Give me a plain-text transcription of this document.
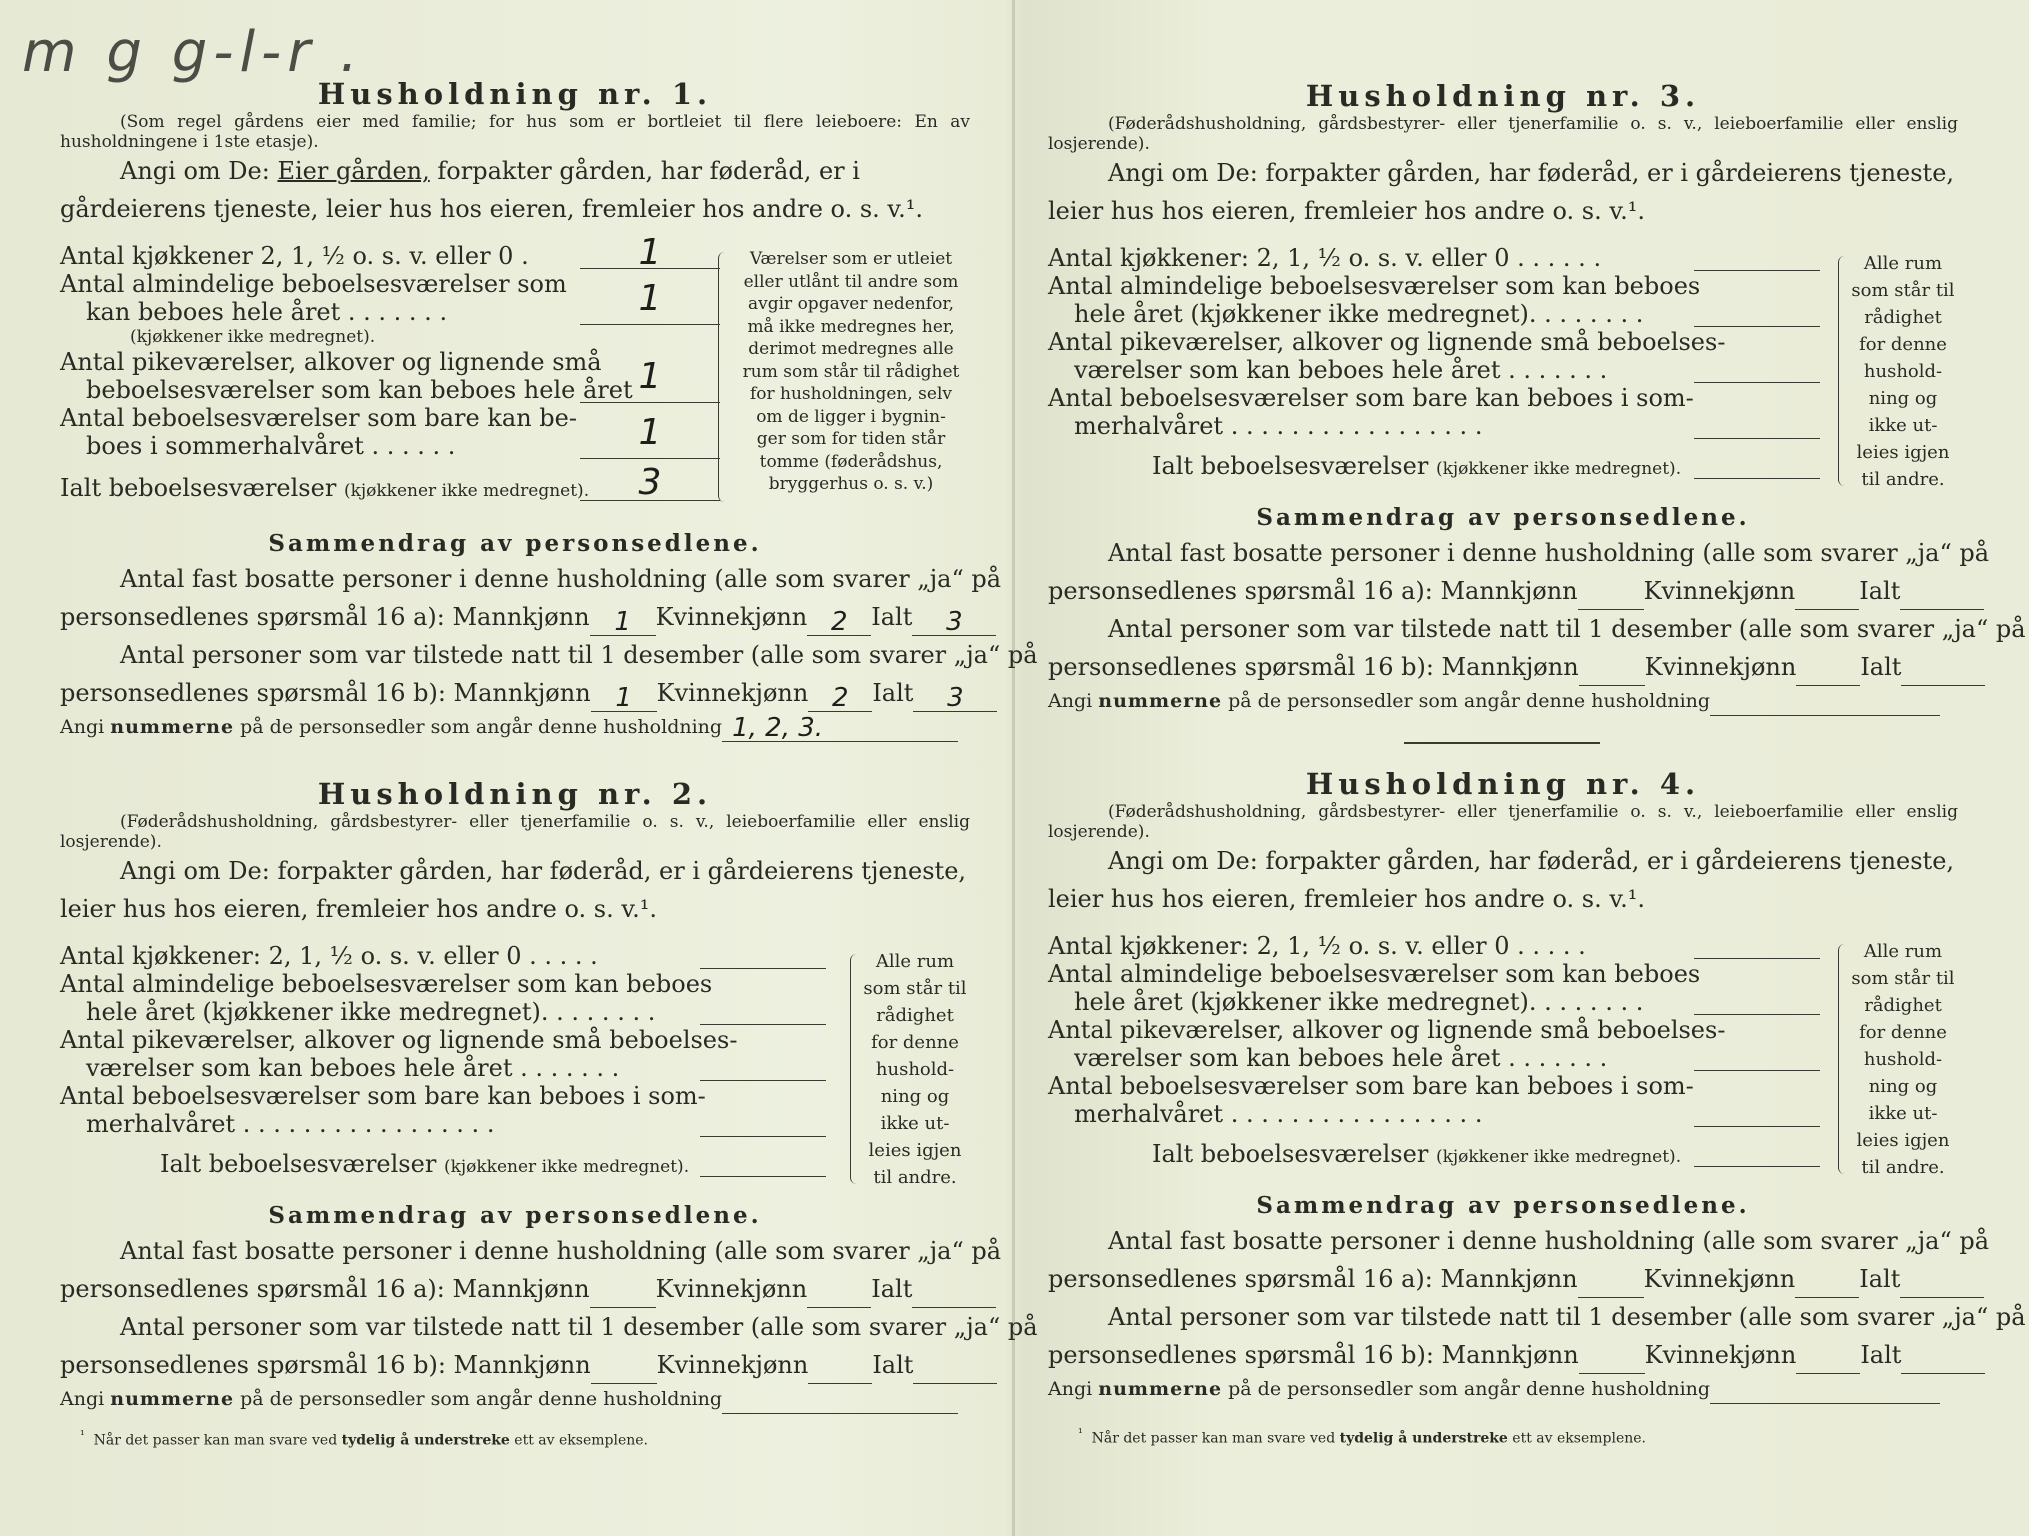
m g g-l-r .
Husholdning nr. 1.
(Som regel gårdens eier med familie; for hus som er bortleiet til flere leieboere: En av husholdningene i 1ste etasje).
Angi om De: Eier gården, forpakter gården, har føderåd, er i gårdeierens tjeneste, leier hus hos eieren, fremleier hos andre o. s. v.¹.
Antal kjøkkener 2, 1, ½ o. s. v. eller 0 .	1
Antal almindelige beboelsesværelser som
kan beboes hele året . . . . . . .	1
(kjøkkener ikke medregnet).
Antal pikeværelser, alkover og lignende små
beboelsesværelser som kan beboes hele året 1
Antal beboelsesværelser som bare kan be-
boes i sommerhalvåret . . . . . .	1
Ialt beboelsesværelser (kjøkkener ikke medregnet).	3
Værelser som er utleiet
eller utlånt til andre som
avgir opgaver nedenfor,
må ikke medregnes her,
derimot medregnes alle
rum som står til rådighet
for husholdningen, selv
om de ligger i bygnin-
ger som for tiden står
tomme (føderådshus,
bryggerhus o. s. v.)
Sammendrag av personsedlene.
Antal fast bosatte personer i denne husholdning (alle som svarer „ja“ på
personsedlenes spørsmål 16 a): Mannkjønn 1	Kvinnekjønn 2 Ialt	3
Antal personer som var tilstede natt til 1 desember (alle som svarer „ja“ på
personsedlenes spørsmål 16 b): Mannkjønn 1	Kvinnekjønn 2 Ialt	3
Angi nummerne på de personsedler som angår denne husholdning 1, 2, 3.
Husholdning nr. 2.
(Føderådshusholdning, gårdsbestyrer- eller tjenerfamilie o. s. v., leieboerfamilie eller enslig losjerende).
Angi om De: forpakter gården, har føderåd, er i gårdeierens tjeneste, leier hus hos eieren, fremleier hos andre o. s. v.¹.
Antal kjøkkener: 2, 1, ½ o. s. v. eller 0 . . . . .
Antal almindelige beboelsesværelser som kan beboes
hele året (kjøkkener ikke medregnet). . . . . . . .
Antal pikeværelser, alkover og lignende små beboelses-
værelser som kan beboes hele året . . . . . . .
Antal beboelsesværelser som bare kan beboes i som-
merhalvåret . . . . . . . . . . . . . . . . .
Ialt beboelsesværelser (kjøkkener ikke medregnet).
Alle rum
som står til
rådighet
for denne
hushold-
ning og
ikke ut-
leies igjen
til andre.
Sammendrag av personsedlene.
Antal fast bosatte personer i denne husholdning (alle som svarer „ja“ på
personsedlenes spørsmål 16 a): Mannkjønn	Kvinnekjønn	Ialt
Antal personer som var tilstede natt til 1 desember (alle som svarer „ja“ på
personsedlenes spørsmål 16 b): Mannkjønn	Kvinnekjønn	Ialt
Angi nummerne på de personsedler som angår denne husholdning
$^{^1}$ Når det passer kan man svare ved tydelig å understreke ett av eksemplene.
Husholdning nr. 3.
(Føderådshusholdning, gårdsbestyrer- eller tjenerfamilie o. s. v., leieboerfamilie eller enslig losjerende).
Angi om De: forpakter gården, har føderåd, er i gårdeierens tjeneste, leier hus hos eieren, fremleier hos andre o. s. v.¹.
Antal kjøkkener: 2, 1, ½ o. s. v. eller 0 . . . . . .
Antal almindelige beboelsesværelser som kan beboes
hele året (kjøkkener ikke medregnet). . . . . . . .
Antal pikeværelser, alkover og lignende små beboelses-
værelser som kan beboes hele året . . . . . . .
Antal beboelsesværelser som bare kan beboes i som-
merhalvåret . . . . . . . . . . . . . . . . .
Ialt beboelsesværelser (kjøkkener ikke medregnet).
Alle rum
som står til
rådighet
for denne
hushold-
ning og
ikke ut-
leies igjen
til andre.
Sammendrag av personsedlene.
Antal fast bosatte personer i denne husholdning (alle som svarer „ja“ på
personsedlenes spørsmål 16 a): Mannkjønn	Kvinnekjønn	Ialt
Antal personer som var tilstede natt til 1 desember (alle som svarer „ja“ på
personsedlenes spørsmål 16 b): Mannkjønn	Kvinnekjønn	Ialt
Angi nummerne på de personsedler som angår denne husholdning
Husholdning nr. 4.
(Føderådshusholdning, gårdsbestyrer- eller tjenerfamilie o. s. v., leieboerfamilie eller enslig losjerende).
Angi om De: forpakter gården, har føderåd, er i gårdeierens tjeneste, leier hus hos eieren, fremleier hos andre o. s. v.¹.
Antal kjøkkener: 2, 1, ½ o. s. v. eller 0 . . . . .
Antal almindelige beboelsesværelser som kan beboes
hele året (kjøkkener ikke medregnet). . . . . . . .
Antal pikeværelser, alkover og lignende små beboelses-
værelser som kan beboes hele året . . . . . . .
Antal beboelsesværelser som bare kan beboes i som-
merhalvåret . . . . . . . . . . . . . . . . .
Ialt beboelsesværelser (kjøkkener ikke medregnet).
Alle rum
som står til
rådighet
for denne
hushold-
ning og
ikke ut-
leies igjen
til andre.
Sammendrag av personsedlene.
Antal fast bosatte personer i denne husholdning (alle som svarer „ja“ på
personsedlenes spørsmål 16 a): Mannkjønn	Kvinnekjønn	Ialt
Antal personer som var tilstede natt til 1 desember (alle som svarer „ja“ på
personsedlenes spørsmål 16 b): Mannkjønn	Kvinnekjønn	Ialt
Angi nummerne på de personsedler som angår denne husholdning
$^{^1}$ Når det passer kan man svare ved tydelig å understreke ett av eksemplene.
